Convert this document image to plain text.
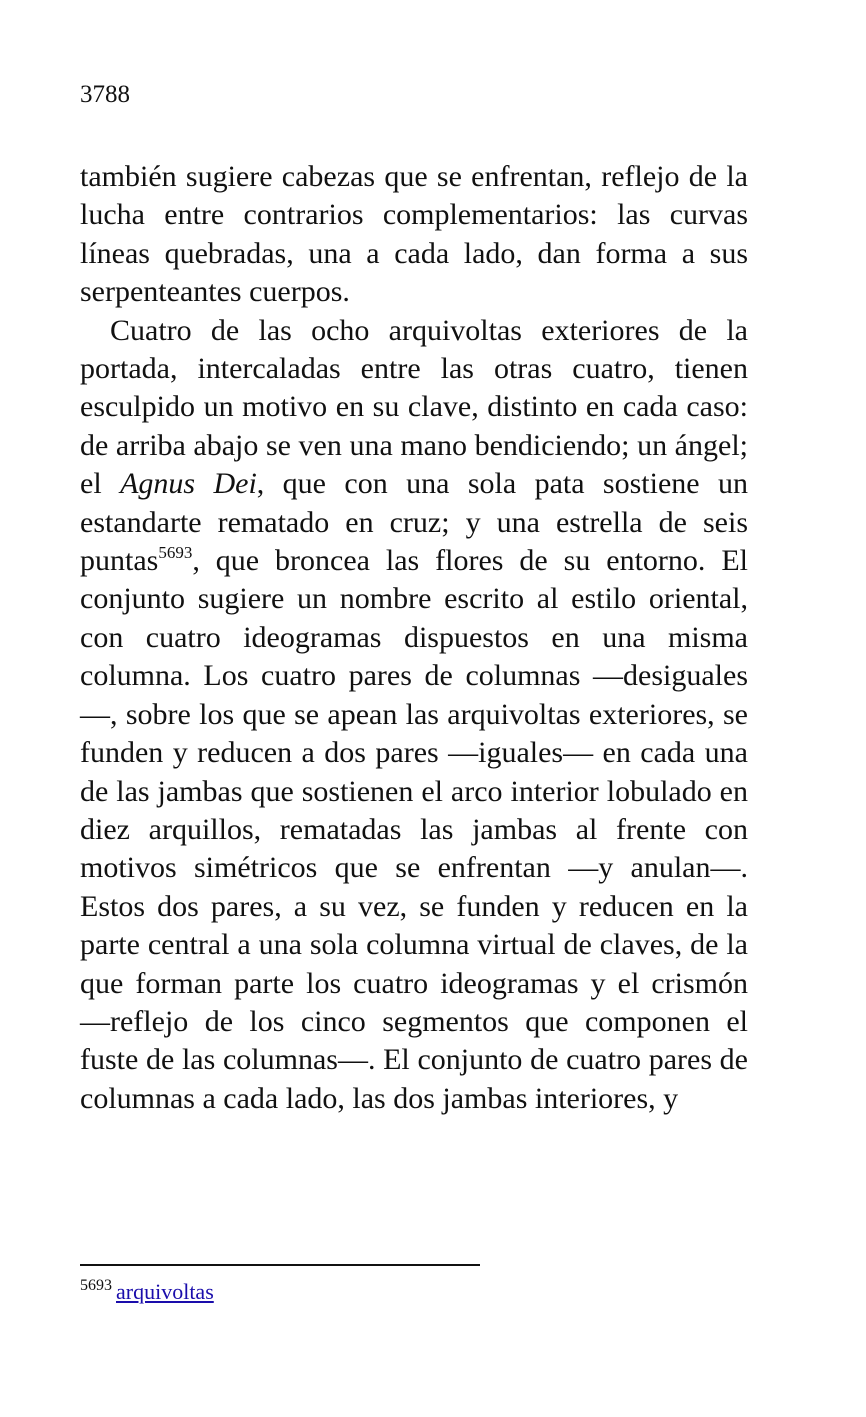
3788

también sugiere cabezas que se enfrentan, reflejo de la lucha entre contrarios complementarios: las curvas líneas quebradas, una a cada lado, dan forma a sus serpenteantes cuerpos.

Cuatro de las ocho arquivoltas exteriores de la portada, intercaladas entre las otras cuatro, tienen esculpido un motivo en su clave, distinto en cada caso: de arriba abajo se ven una mano bendiciendo; un ángel; el Agnus Dei, que con una sola pata sostiene un estandarte rematado en cruz; y una estrella de seis puntas$^{5693}$, que broncea las flores de su entorno. El conjunto sugiere un nombre escrito al estilo oriental, con cuatro ideogramas dispuestos en una misma columna. Los cuatro pares de columnas —desiguales—, sobre los que se apean las arquivoltas exteriores, se funden y reducen a dos pares —iguales— en cada una de las jambas que sostienen el arco interior lobulado en diez arquillos, rematadas las jambas al frente con motivos simétricos que se enfrentan —y anulan—. Estos dos pares, a su vez, se funden y reducen en la parte central a una sola columna virtual de claves, de la que forman parte los cuatro ideogramas y el crismón —reflejo de los cinco segmentos que componen el fuste de las columnas—. El conjunto de cuatro pares de columnas a cada lado, las dos jambas interiores, y

$^{5693}$ arquivoltas
